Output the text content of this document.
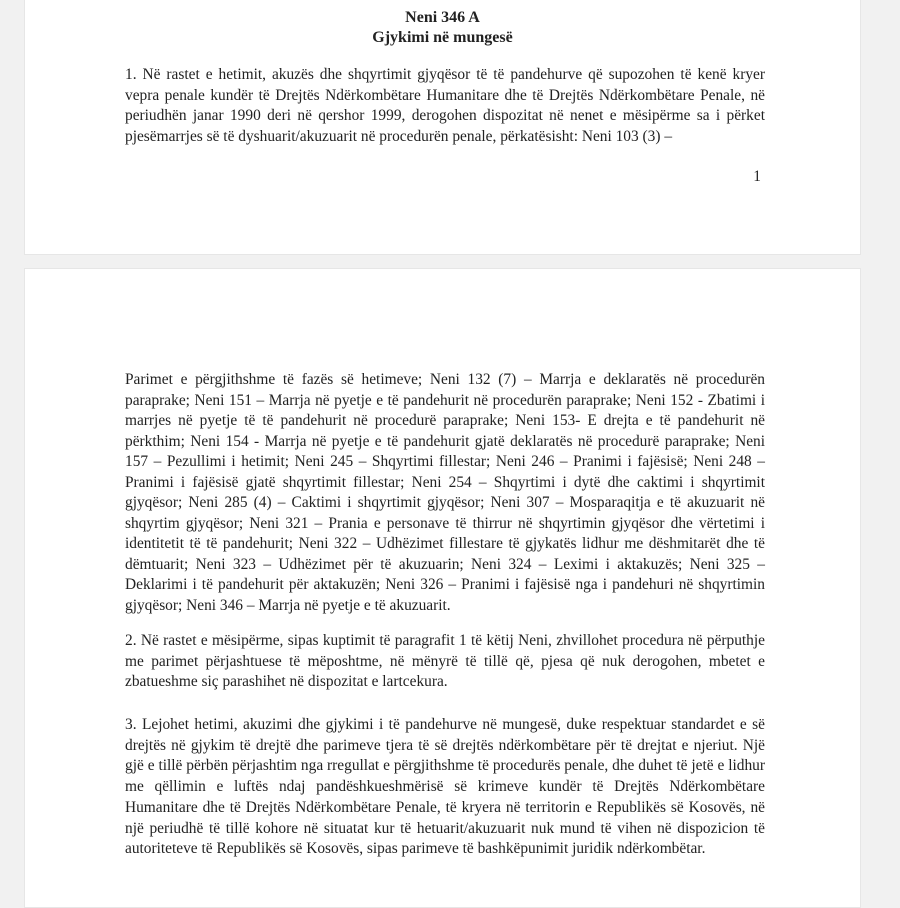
Neni 346 A
Gjykimi në mungesë

1. Në rastet e hetimit, akuzës dhe shqyrtimit gjyqësor të të pandehurve që supozohen të kenë kryer vepra penale kundër të Drejtës Ndërkombëtare Humanitare dhe të Drejtës Ndërkombëtare Penale, në periudhën janar 1990 deri në qershor 1999, derogohen dispozitat në nenet e mësipërme sa i përket pjesëmarrjes së të dyshuarit/akuzuarit në procedurën penale, përkatësisht: Neni 103 (3) –

1

Parimet e përgjithshme të fazës së hetimeve; Neni 132 (7) – Marrja e deklaratës në procedurën paraprake; Neni 151 – Marrja në pyetje e të pandehurit në procedurën paraprake; Neni 152 - Zbatimi i marrjes në pyetje të të pandehurit në procedurë paraprake; Neni 153- E drejta e të pandehurit në përkthim; Neni 154 - Marrja në pyetje e të pandehurit gjatë deklaratës në procedurë paraprake; Neni 157 – Pezullimi i hetimit; Neni 245 – Shqyrtimi fillestar; Neni 246 – Pranimi i fajësisë; Neni 248 – Pranimi i fajësisë gjatë shqyrtimit fillestar; Neni 254 – Shqyrtimi i dytë dhe caktimi i shqyrtimit gjyqësor; Neni 285 (4) – Caktimi i shqyrtimit gjyqësor; Neni 307 – Mosparaqitja e të akuzuarit në shqyrtim gjyqësor; Neni 321 – Prania e personave të thirrur në shqyrtimin gjyqësor dhe vërtetimi i identitetit të të pandehurit; Neni 322 – Udhëzimet fillestare të gjykatës lidhur me dëshmitarët dhe të dëmtuarit; Neni 323 – Udhëzimet për të akuzuarin; Neni 324 – Leximi i aktakuzës; Neni 325 – Deklarimi i të pandehurit për aktakuzën; Neni 326 – Pranimi i fajësisë nga i pandehuri në shqyrtimin gjyqësor; Neni 346 – Marrja në pyetje e të akuzuarit.

2. Në rastet e mësipërme, sipas kuptimit të paragrafit 1 të këtij Neni, zhvillohet procedura në përputhje me parimet përjashtuese të mëposhtme, në mënyrë të tillë që, pjesa që nuk derogohen, mbetet e zbatueshme siç parashihet në dispozitat e lartcekura.

3. Lejohet hetimi, akuzimi dhe gjykimi i të pandehurve në mungesë, duke respektuar standardet e së drejtës në gjykim të drejtë dhe parimeve tjera të së drejtës ndërkombëtare për të drejtat e njeriut. Një gjë e tillë përbën përjashtim nga rregullat e përgjithshme të procedurës penale, dhe duhet të jetë e lidhur me qëllimin e luftës ndaj pandëshkueshmërisë së krimeve kundër të Drejtës Ndërkombëtare Humanitare dhe të Drejtës Ndërkombëtare Penale, të kryera në territorin e Republikës së Kosovës, në një periudhë të tillë kohore në situatat kur të hetuarit/akuzuarit nuk mund të vihen në dispozicion të autoriteteve të Republikës së Kosovës, sipas parimeve të bashkëpunimit juridik ndërkombëtar.
